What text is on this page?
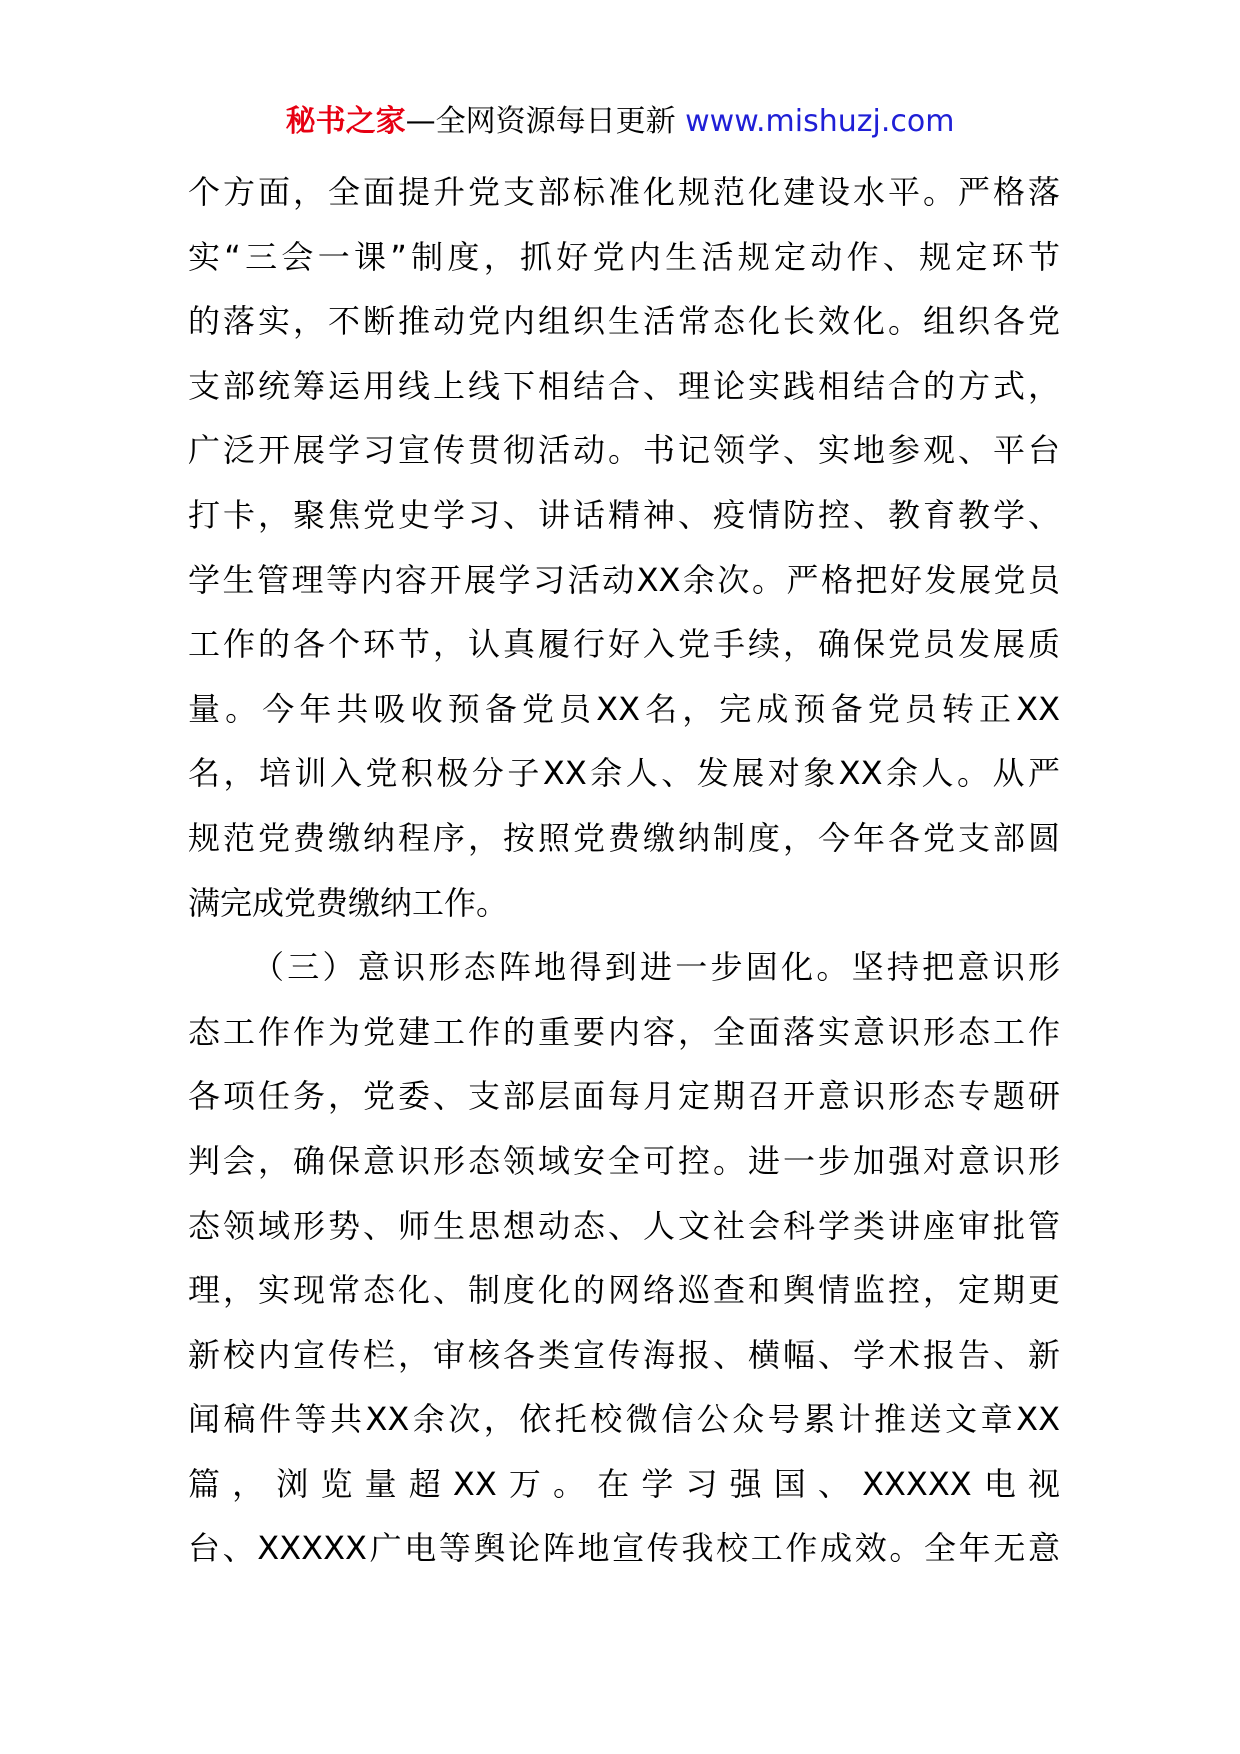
秘书之家—全网资源每日更新 www.mishuzj.com
个方面，全面提升党支部标准化规范化建设水平。严格落
实“三会一课”制度，抓好党内生活规定动作、规定环节
的落实，不断推动党内组织生活常态化长效化。组织各党
支部统筹运用线上线下相结合、理论实践相结合的方式，
广泛开展学习宣传贯彻活动。书记领学、实地参观、平台
打卡，聚焦党史学习、讲话精神、疫情防控、教育教学、
学生管理等内容开展学习活动XX余次。严格把好发展党员
工作的各个环节，认真履行好入党手续，确保党员发展质
量。今年共吸收预备党员XX名，完成预备党员转正XX
名，培训入党积极分子XX余人、发展对象XX余人。从严
规范党费缴纳程序，按照党费缴纳制度，今年各党支部圆
满完成党费缴纳工作。
（三）意识形态阵地得到进一步固化。坚持把意识形
态工作作为党建工作的重要内容，全面落实意识形态工作
各项任务，党委、支部层面每月定期召开意识形态专题研
判会，确保意识形态领域安全可控。进一步加强对意识形
态领域形势、师生思想动态、人文社会科学类讲座审批管
理，实现常态化、制度化的网络巡查和舆情监控，定期更
新校内宣传栏，审核各类宣传海报、横幅、学术报告、新
闻稿件等共XX余次，依托校微信公众号累计推送文章XX
篇，浏览量超XX万。在学习强国、XXXXX电视
台、XXXXX广电等舆论阵地宣传我校工作成效。全年无意
